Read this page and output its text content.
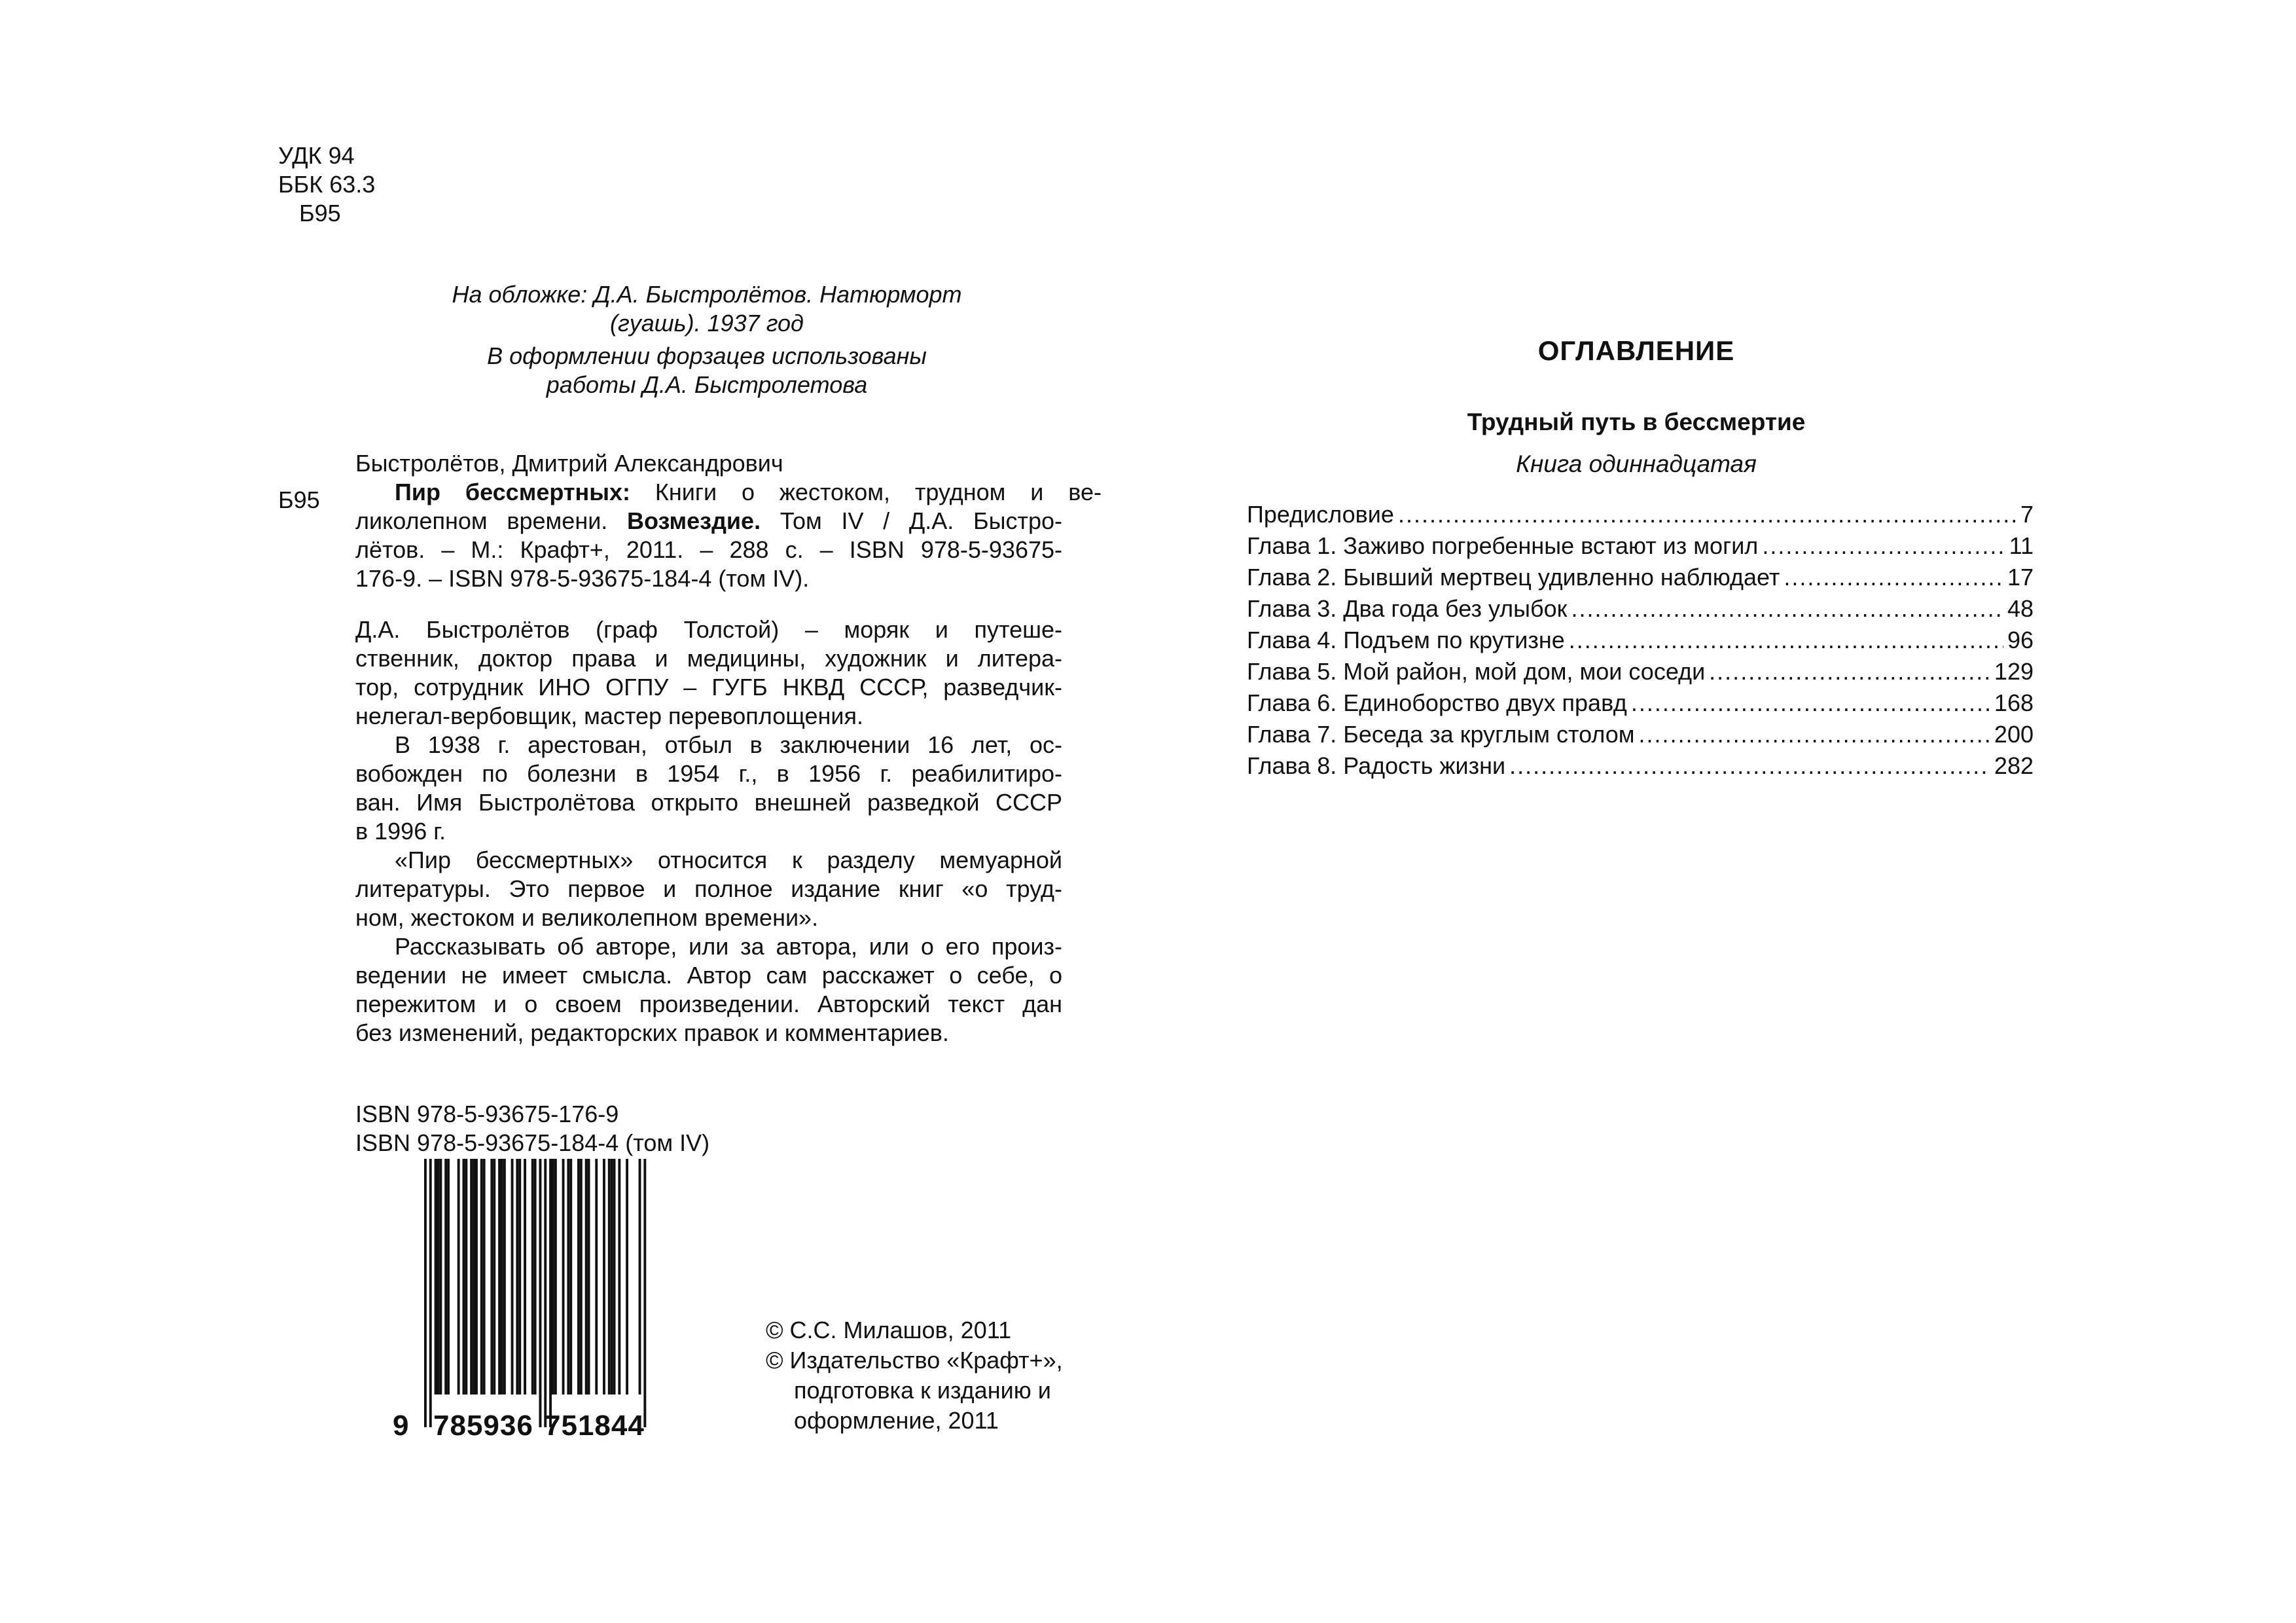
УДК 94
ББК 63.3
Б95
На обложке: Д.А. Быстролётов. Натюрморт
(гуашь). 1937 год
В оформлении форзацев использованы
работы Д.А. Быстролетова
Быстролётов, Дмитрий Александрович
Б95	Пир бессмертных: Книги о жестоком, трудном и ве-
ликолепном времени. Возмездие. Том IV / Д.А. Быстро-
лётов. – М.: Крафт+, 2011. – 288 с. – ISBN 978-5-93675-
176-9. – ISBN 978-5-93675-184-4 (том IV).
Д.А. Быстролётов (граф Толстой) – моряк и путеше-
ственник, доктор права и медицины, художник и литера-
тор, сотрудник ИНО ОГПУ – ГУГБ НКВД СССР, разведчик-
нелегал-вербовщик, мастер перевоплощения.
В 1938 г. арестован, отбыл в заключении 16 лет, ос-
вобожден по болезни в 1954 г., в 1956 г. реабилитиро-
ван. Имя Быстролётова открыто внешней разведкой СССР
в 1996 г.
«Пир бессмертных» относится к разделу мемуарной
литературы. Это первое и полное издание книг «о труд-
ном, жестоком и великолепном времени».
Рассказывать об авторе, или за автора, или о его произ-
ведении не имеет смысла. Автор сам расскажет о себе, о
пережитом и о своем произведении. Авторский текст дан
без изменений, редакторских правок и комментариев.
ISBN 978-5-93675-176-9
ISBN 978-5-93675-184-4 (том IV)
9 785936 751844
© С.С. Милашов, 2011
© Издательство «Крафт+»,
подготовка к изданию и
оформление, 2011
ОГЛАВЛЕНИЕ
Трудный путь в бессмертие
Книга одиннадцатая
Предисловие . . .	7
Глава 1. Заживо погребенные встают из могил . . .	11
Глава 2. Бывший мертвец удивленно наблюдает . . .	17
Глава 3. Два года без улыбок . . .	48
Глава 4. Подъем по крутизне . . .	96
Глава 5. Мой район, мой дом, мои соседи . . .	129
Глава 6. Единоборство двух правд . . .	168
Глава 7. Беседа за круглым столом . . .	200
Глава 8. Радость жизни . . .	282
